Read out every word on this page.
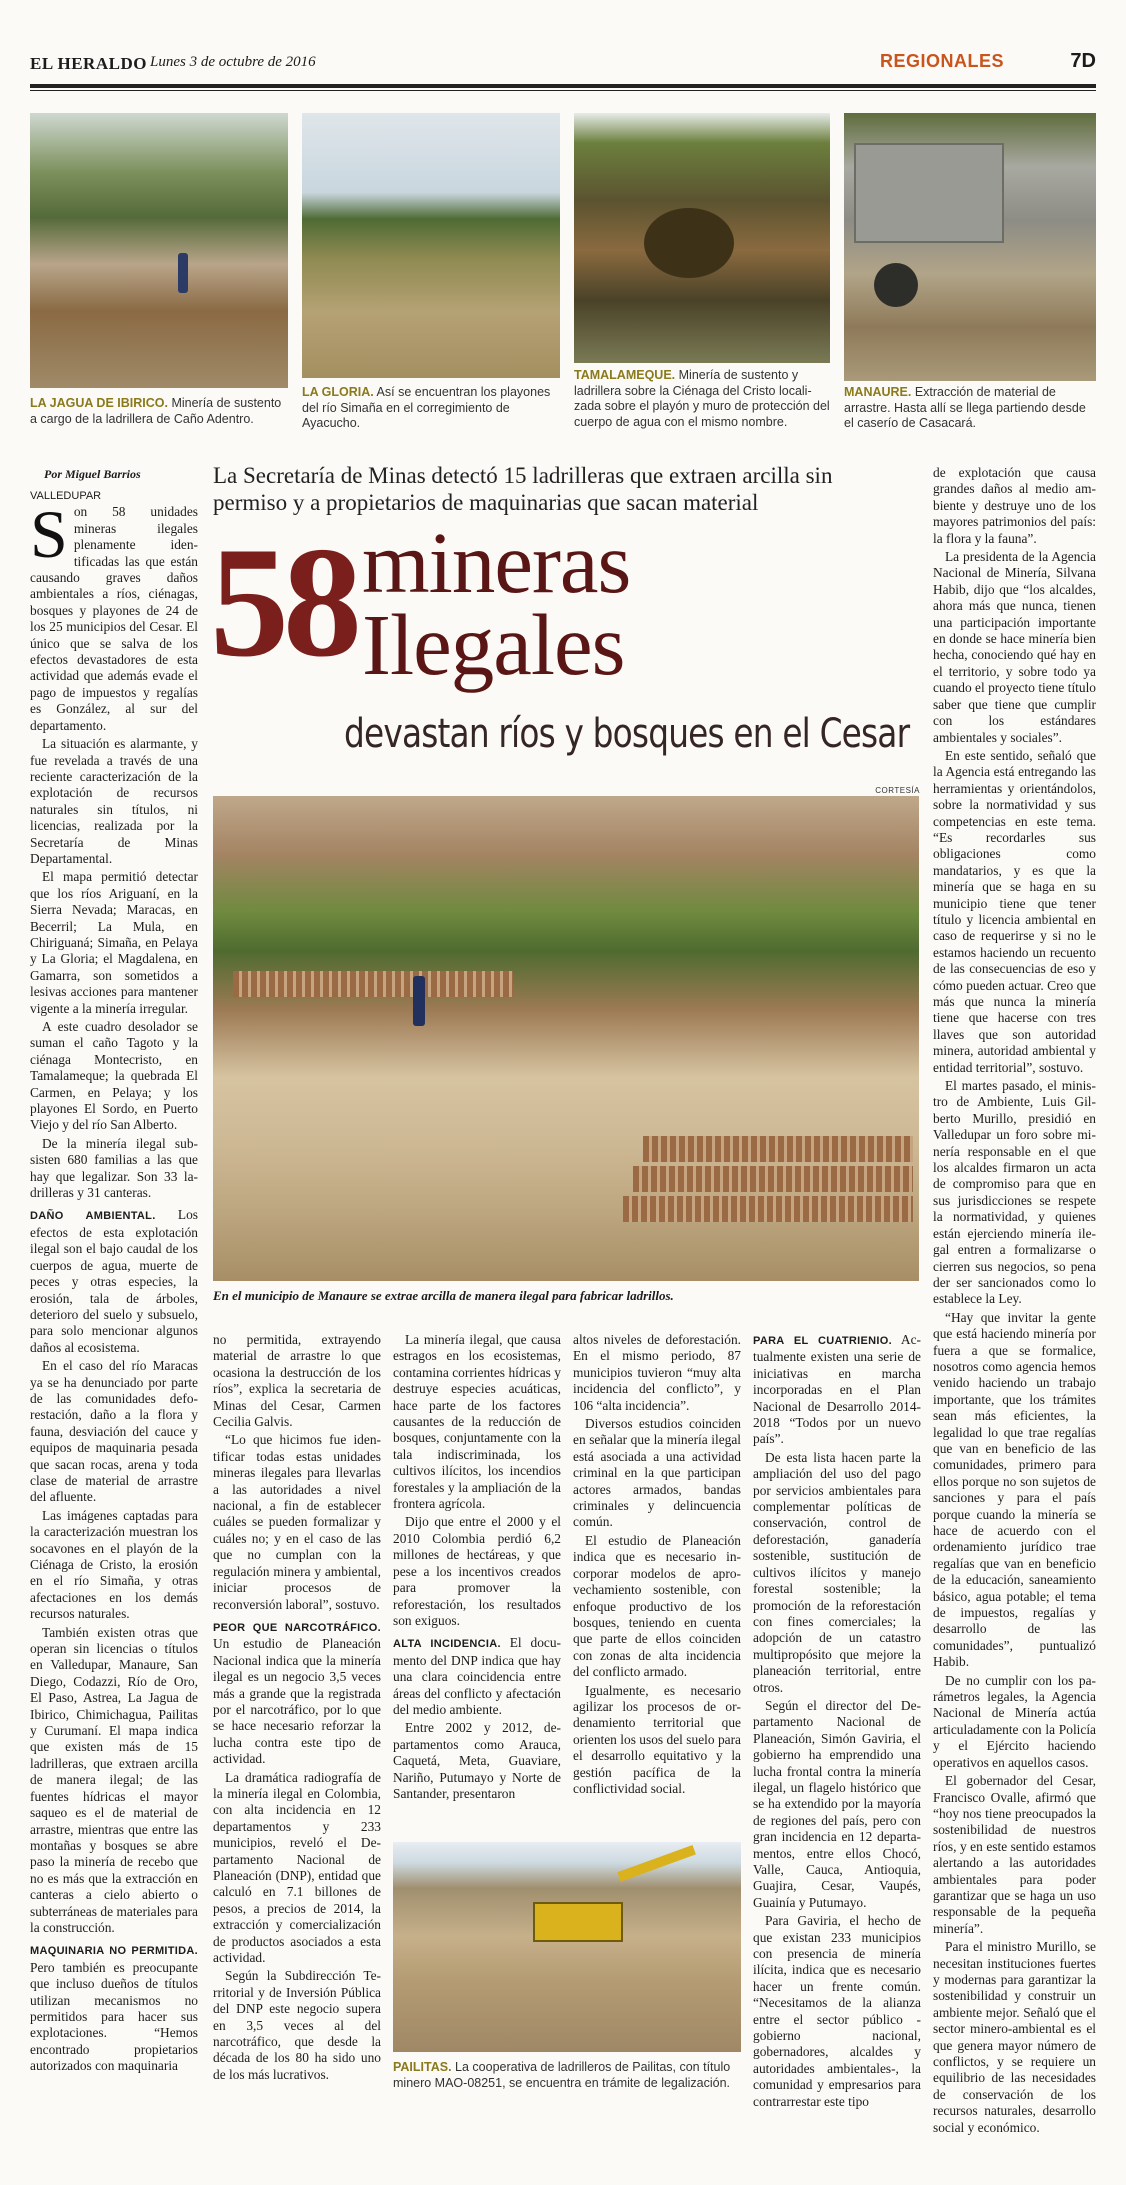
EL HERALDO Lunes 3 de octubre de 2016	REGIONALES	7D
LA JAGUA DE IBIRICO. Minería de sustento a cargo de la ladrillera de Caño Adentro.
LA GLORIA. Así se encuentran los playones del río Simaña en el corregimiento de Ayacucho.
TAMALAMEQUE. Minería de sustento y ladrillera sobre la Ciénaga del Cristo localizada sobre el playón y muro de protección del cuerpo de agua con el mismo nombre.
MANAURE. Extracción de material de arrastre. Hasta allí se llega partiendo desde el caserío de Casacará.
Por Miguel Barrios	La Secretaría de Minas detectó 15 ladrilleras que extraen arcilla sin
permiso y a propietarios de maquinarias que sacan material
58 mineras
Ilegales
devastan ríos y bosques en el Cesar
CORTESÍA
En el municipio de Manaure se extrae arcilla de manera ilegal para fabricar ladrillos.
VALLEDUPAR

Son 58 unidades mineras ilegales plenamente identificadas las que están causando graves daños ambientales a ríos, ciénagas, bosques y playones de 24 de los 25 municipios del Cesar. El único que se salva de los efectos devastadores de esta actividad que además evade el pago de impuestos y regalías es González, al sur del departamento.

La situación es alarmante, y fue revelada a través de una reciente caracterización de la explotación de recursos naturales sin títulos, ni licencias, realizada por la Secretaría de Minas Departamental.

El mapa permitió detectar que los ríos Ariguaní, en la Sierra Nevada; Maracas, en Becerril; La Mula, en Chiriguaná; Simaña, en Pelaya y La Gloria; el Magdalena, en Gamarra, son sometidos a lesivas acciones para mantener vigente a la minería irregular.

A este cuadro desolador se suman el caño Tagoto y la ciénaga Montecristo, en Tamalameque; la quebrada El Carmen, en Pelaya; y los playones El Sordo, en Puerto Viejo y del río San Alberto.

De la minería ilegal subsisten 680 familias a las que hay que legalizar. Son 33 ladrilleras y 31 canteras.

DAÑO AMBIENTAL. Los efectos de esta explotación ilegal son el bajo caudal de los cuerpos de agua, muerte de peces y otras especies, la erosión, tala de árboles, deterioro del suelo y subsuelo, para solo mencionar algunos daños al ecosistema.

En el caso del río Maracas ya se ha denunciado por parte de las comunidades deforestación, daño a la flora y fauna, desviación del cauce y equipos de maquinaria pesada que sacan rocas, arena y toda clase de material de arrastre del afluente.

Las imágenes captadas para la caracterización muestran los socavones en el playón de la Ciénaga de Cristo, la erosión en el río Simaña, y otras afectaciones en los demás recursos naturales.

También existen otras que operan sin licencias o títulos en Valledupar, Manaure, San Diego, Codazzi, Río de Oro, El Paso, Astrea, La Jagua de Ibirico, Chimichagua, Pailitas y Curumaní. El mapa indica que existen más de 15 ladrilleras, que extraen arcilla de manera ilegal; de las fuentes hídricas el mayor saqueo es el de material de arrastre, mientras que entre las montañas y bosques se abre paso la minería de recebo que no es más que la extracción en canteras a cielo abierto o subterráneas de materiales para la construcción.

MAQUINARIA NO PERMITIDA. Pero también es preocupante que incluso dueños de títulos utilizan mecanismos no permitidos para hacer sus explotaciones. “Hemos encontrado propietarios autorizados con maquinaria

no permitida, extrayendo material de arrastre lo que ocasiona la destrucción de los ríos”, explica la secretaria de Minas del Cesar, Carmen Cecilia Galvis.

“Lo que hicimos fue identificar todas estas unidades mineras ilegales para llevarlas a las autoridades a nivel nacional, a fin de establecer cuáles se pueden formalizar y cuáles no; y en el caso de las que no cumplan con la regulación minera y ambiental, iniciar procesos de reconversión laboral”, sostuvo.

PEOR QUE NARCOTRÁFICO. Un estudio de Planeación Nacional indica que la minería ilegal es un negocio 3,5 veces más a grande que la registrada por el narcotráfico, por lo que se hace necesario reforzar la lucha contra este tipo de actividad.

La dramática radiografía de la minería ilegal en Colombia, con alta incidencia en 12 departamentos y 233 municipios, reveló el Departamento Nacional de Planeación (DNP), entidad que calculó en 7.1 billones de pesos, a precios de 2014, la extracción y comercialización de productos asociados a esta actividad.

Según la Subdirección Territorial y de Inversión Pública del DNP este negocio supera en 3,5 veces al del narcotráfico, que desde la década de los 80 ha sido uno de los más lucrativos.

La minería ilegal, que causa estragos en los ecosistemas, contamina corrientes hídricas y destruye especies acuáticas, hace parte de los factores causantes de la reducción de bosques, conjuntamente con la tala indiscriminada, los cultivos ilícitos, los incendios forestales y la ampliación de la frontera agrícola.

Dijo que entre el 2000 y el 2010 Colombia perdió 6,2 millones de hectáreas, y que pese a los incentivos creados para promover la reforestación, los resultados son exiguos.

ALTA INCIDENCIA. El documento del DNP indica que hay una clara coincidencia entre áreas del conflicto y afectación del medio ambiente.

Entre 2002 y 2012, departamentos como Arauca, Caquetá, Meta, Guaviare, Nariño, Putumayo y Norte de Santander, presentaron

altos niveles de deforestación. En el mismo periodo, 87 municipios tuvieron “muy alta incidencia del conflicto”, y 106 “alta incidencia”.

Diversos estudios coinciden en señalar que la minería ilegal está asociada a una actividad criminal en la que participan actores armados, bandas criminales y delincuencia común.

El estudio de Planeación indica que es necesario incorporar modelos de aprovechamiento sostenible, con enfoque productivo de los bosques, teniendo en cuenta que parte de ellos coinciden con zonas de alta incidencia del conflicto armado.

Igualmente, es necesario agilizar los procesos de ordenamiento territorial que orienten los usos del suelo para el desarrollo equitativo y la gestión pacífica de la conflictividad social.

PARA EL CUATRIENIO. Actualmente existen una serie de iniciativas en marcha incorporadas en el Plan Nacional de Desarrollo 2014-2018 “Todos por un nuevo país”.

De esta lista hacen parte la ampliación del uso del pago por servicios ambientales para complementar políticas de conservación, control de deforestación, ganadería sostenible, sustitución de cultivos ilícitos y manejo forestal sostenible; la promoción de la reforestación con fines comerciales; la adopción de un catastro multipropósito que mejore la planeación territorial, entre otros.

Según el director del Departamento Nacional de Planeación, Simón Gaviria, el gobierno ha emprendido una lucha frontal contra la minería ilegal, un flagelo histórico que se ha extendido por la mayoría de regiones del país, pero con gran incidencia en 12 departamentos, entre ellos Chocó, Valle, Cauca, Antioquia, Guajira, Cesar, Vaupés, Guainía y Putumayo.

Para Gaviria, el hecho de que existan 233 municipios con presencia de minería ilícita, indica que es necesario hacer un frente común. “Necesitamos de la alianza entre el sector público -gobierno nacional, gobernadores, alcaldes y autoridades ambientales-, la comunidad y empresarios para contrarrestar este tipo

de explotación que causa grandes daños al medio ambiente y destruye uno de los mayores patrimonios del país: la flora y la fauna”.

La presidenta de la Agencia Nacional de Minería, Silvana Habib, dijo que “los alcaldes, ahora más que nunca, tienen una participación importante en donde se hace minería bien hecha, conociendo qué hay en el territorio, y sobre todo ya cuando el proyecto tiene título saber que tiene que cumplir con los estándares ambientales y sociales”.

En este sentido, señaló que la Agencia está entregando las herramientas y orientándolos, sobre la normatividad y sus competencias en este tema. “Es recordarles sus obligaciones como mandatarios, y es que la minería que se haga en su municipio tiene que tener título y licencia ambiental en caso de requerirse y si no le estamos haciendo un recuento de las consecuencias de eso y cómo pueden actuar. Creo que más que nunca la minería tiene que hacerse con tres llaves que son autoridad minera, autoridad ambiental y entidad territorial”, sostuvo.

El martes pasado, el ministro de Ambiente, Luis Gilberto Murillo, presidió en Valledupar un foro sobre minería responsable en el que los alcaldes firmaron un acta de compromiso para que en sus jurisdicciones se respete la normatividad, y quienes están ejerciendo minería ilegal entren a formalizarse o cierren sus negocios, so pena der ser sancionados como lo establece la Ley.

“Hay que invitar la gente que está haciendo minería por fuera a que se formalice, nosotros como agencia hemos venido haciendo un trabajo importante, que los trámites sean más eficientes, la legalidad lo que trae regalías que van en beneficio de las comunidades, primero para ellos porque no son sujetos de sanciones y para el país porque cuando la minería se hace de acuerdo con el ordenamiento jurídico trae regalías que van en beneficio de la educación, saneamiento básico, agua potable; el tema de impuestos, regalías y desarrollo de las comunidades”, puntualizó Habib.

De no cumplir con los parámetros legales, la Agencia Nacional de Minería actúa articuladamente con la Policía y el Ejército haciendo operativos en aquellos casos.

El gobernador del Cesar, Francisco Ovalle, afirmó que “hoy nos tiene preocupados la sostenibilidad de nuestros ríos, y en este sentido estamos alertando a las autoridades ambientales para poder garantizar que se haga un uso responsable de la pequeña minería”.

Para el ministro Murillo, se necesitan instituciones fuertes y modernas para garantizar la sostenibilidad y construir un ambiente mejor. Señaló que el sector minero-ambiental es el que genera mayor número de conflictos, y se requiere un equilibrio de las necesidades de conservación de los recursos naturales, desarrollo social y económico.

PAILITAS. La cooperativa de ladrilleros de Pailitas, con título minero MAO-08251, se encuentra en trámite de legalización.
